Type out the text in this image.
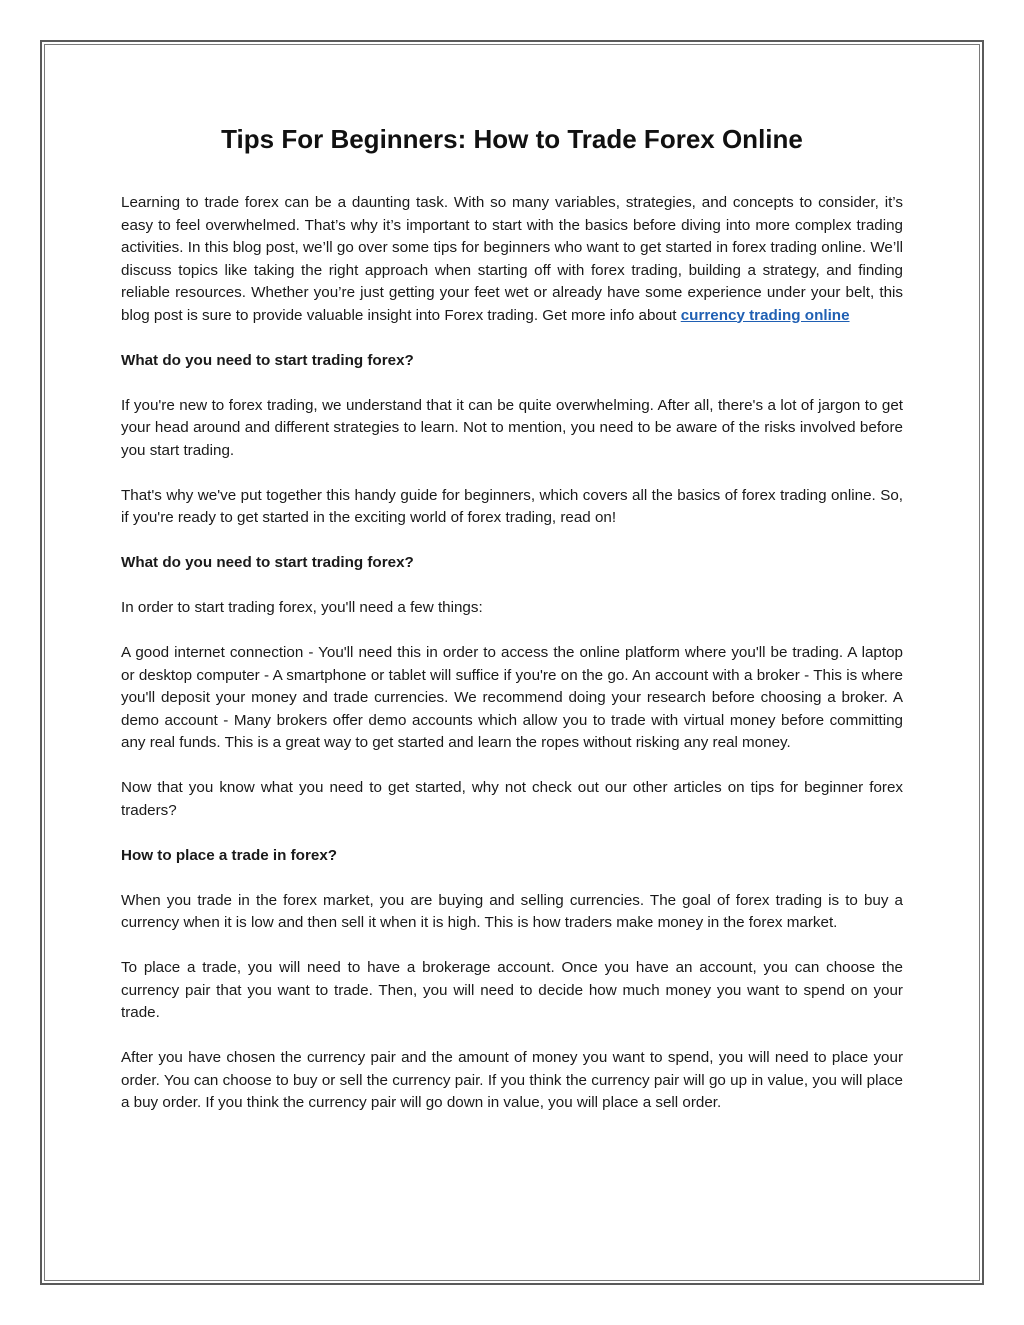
Tips For Beginners: How to Trade Forex Online

Learning to trade forex can be a daunting task. With so many variables, strategies, and concepts to consider, it’s easy to feel overwhelmed. That’s why it’s important to start with the basics before diving into more complex trading activities. In this blog post, we’ll go over some tips for beginners who want to get started in forex trading online. We’ll discuss topics like taking the right approach when starting off with forex trading, building a strategy, and finding reliable resources. Whether you’re just getting your feet wet or already have some experience under your belt, this blog post is sure to provide valuable insight into Forex trading. Get more info about currency trading online

What do you need to start trading forex?

If you're new to forex trading, we understand that it can be quite overwhelming. After all, there's a lot of jargon to get your head around and different strategies to learn. Not to mention, you need to be aware of the risks involved before you start trading.

That's why we've put together this handy guide for beginners, which covers all the basics of forex trading online. So, if you're ready to get started in the exciting world of forex trading, read on!

What do you need to start trading forex?

In order to start trading forex, you'll need a few things:

A good internet connection - You'll need this in order to access the online platform where you'll be trading. A laptop or desktop computer - A smartphone or tablet will suffice if you're on the go. An account with a broker - This is where you'll deposit your money and trade currencies. We recommend doing your research before choosing a broker. A demo account - Many brokers offer demo accounts which allow you to trade with virtual money before committing any real funds. This is a great way to get started and learn the ropes without risking any real money.

Now that you know what you need to get started, why not check out our other articles on tips for beginner forex traders?

How to place a trade in forex?

When you trade in the forex market, you are buying and selling currencies. The goal of forex trading is to buy a currency when it is low and then sell it when it is high. This is how traders make money in the forex market.

To place a trade, you will need to have a brokerage account. Once you have an account, you can choose the currency pair that you want to trade. Then, you will need to decide how much money you want to spend on your trade.

After you have chosen the currency pair and the amount of money you want to spend, you will need to place your order. You can choose to buy or sell the currency pair. If you think the currency pair will go up in value, you will place a buy order. If you think the currency pair will go down in value, you will place a sell order.
